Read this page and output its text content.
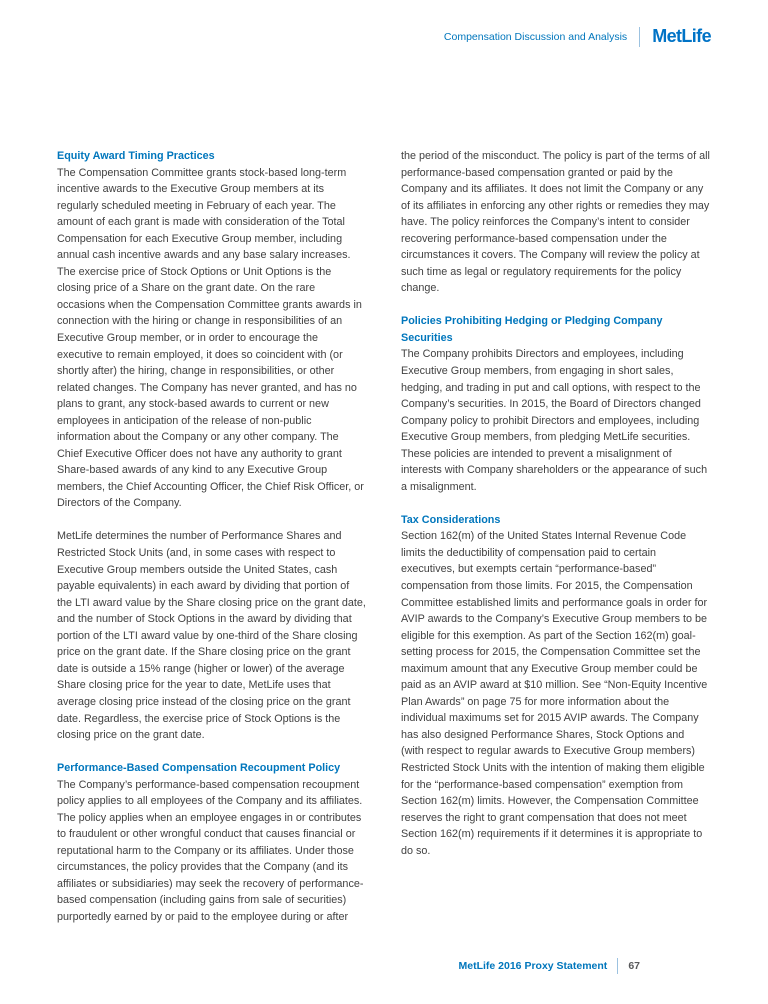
Compensation Discussion and Analysis MetLife
Equity Award Timing Practices

The Compensation Committee grants stock-based long-term incentive awards to the Executive Group members at its regularly scheduled meeting in February of each year. The amount of each grant is made with consideration of the Total Compensation for each Executive Group member, including annual cash incentive awards and any base salary increases. The exercise price of Stock Options or Unit Options is the closing price of a Share on the grant date. On the rare occasions when the Compensation Committee grants awards in connection with the hiring or change in responsibilities of an Executive Group member, or in order to encourage the executive to remain employed, it does so coincident with (or shortly after) the hiring, change in responsibilities, or other related changes. The Company has never granted, and has no plans to grant, any stock-based awards to current or new employees in anticipation of the release of non-public information about the Company or any other company. The Chief Executive Officer does not have any authority to grant Share-based awards of any kind to any Executive Group members, the Chief Accounting Officer, the Chief Risk Officer, or Directors of the Company.

MetLife determines the number of Performance Shares and Restricted Stock Units (and, in some cases with respect to Executive Group members outside the United States, cash payable equivalents) in each award by dividing that portion of the LTI award value by the Share closing price on the grant date, and the number of Stock Options in the award by dividing that portion of the LTI award value by one-third of the Share closing price on the grant date. If the Share closing price on the grant date is outside a 15% range (higher or lower) of the average Share closing price for the year to date, MetLife uses that average closing price instead of the closing price on the grant date. Regardless, the exercise price of Stock Options is the closing price on the grant date.

Performance-Based Compensation Recoupment Policy

The Company’s performance-based compensation recoupment policy applies to all employees of the Company and its affiliates. The policy applies when an employee engages in or contributes to fraudulent or other wrongful conduct that causes financial or reputational harm to the Company or its affiliates. Under those circumstances, the policy provides that the Company (and its affiliates or subsidiaries) may seek the recovery of performance-based compensation (including gains from sale of securities) purportedly earned by or paid to the employee during or after

the period of the misconduct. The policy is part of the terms of all performance-based compensation granted or paid by the Company and its affiliates. It does not limit the Company or any of its affiliates in enforcing any other rights or remedies they may have. The policy reinforces the Company’s intent to consider recovering performance-based compensation under the circumstances it covers. The Company will review the policy at such time as legal or regulatory requirements for the policy change.

Policies Prohibiting Hedging or Pledging Company Securities

The Company prohibits Directors and employees, including Executive Group members, from engaging in short sales, hedging, and trading in put and call options, with respect to the Company’s securities. In 2015, the Board of Directors changed Company policy to prohibit Directors and employees, including Executive Group members, from pledging MetLife securities. These policies are intended to prevent a misalignment of interests with Company shareholders or the appearance of such a misalignment.

Tax Considerations

Section 162(m) of the United States Internal Revenue Code limits the deductibility of compensation paid to certain executives, but exempts certain “performance-based” compensation from those limits. For 2015, the Compensation Committee established limits and performance goals in order for AVIP awards to the Company’s Executive Group members to be eligible for this exemption. As part of the Section 162(m) goal- setting process for 2015, the Compensation Committee set the maximum amount that any Executive Group member could be paid as an AVIP award at $10 million. See “Non-Equity Incentive Plan Awards” on page 75 for more information about the individual maximums set for 2015 AVIP awards. The Company has also designed Performance Shares, Stock Options and (with respect to regular awards to Executive Group members) Restricted Stock Units with the intention of making them eligible for the “performance-based compensation” exemption from Section 162(m) limits. However, the Compensation Committee reserves the right to grant compensation that does not meet Section 162(m) requirements if it determines it is appropriate to do so.

MetLife 2016 Proxy Statement 67
